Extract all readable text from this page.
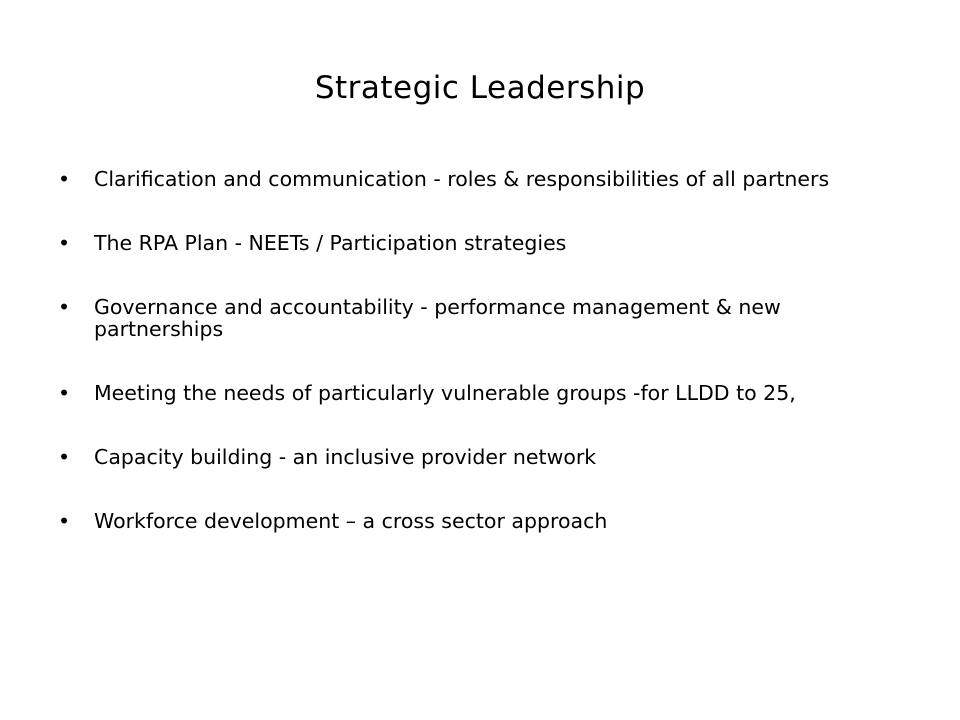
Strategic Leadership
•	Clarification and communication - roles & responsibilities of all partners
•	The RPA Plan - NEETs / Participation strategies
•	Governance and accountability - performance management & new partnerships
•	Meeting the needs of particularly vulnerable groups -for LLDD to 25,
•	Capacity building - an inclusive provider network
•	Workforce development – a cross sector approach
